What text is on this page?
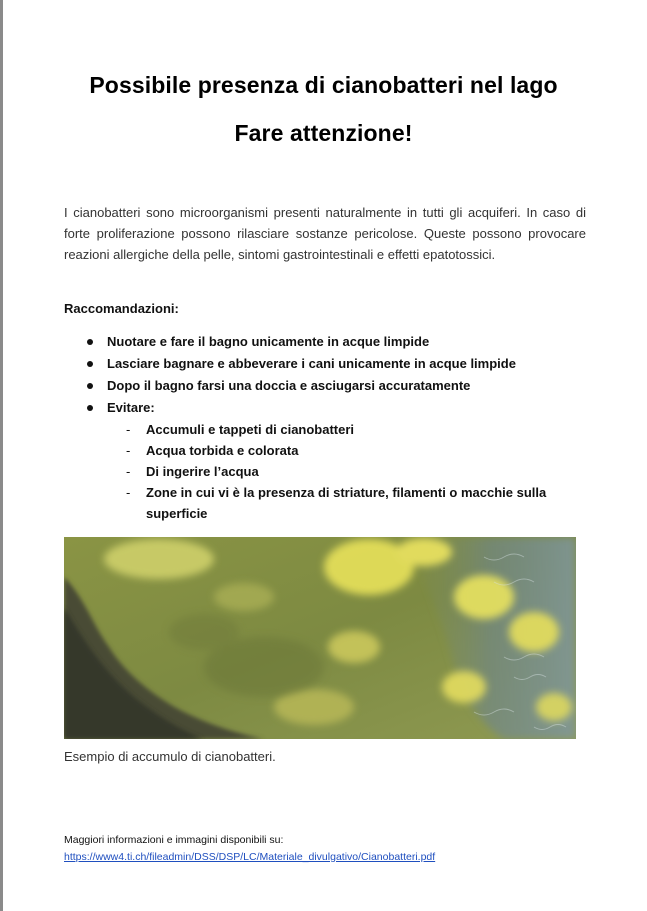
Possibile presenza di cianobatteri nel lago
Fare attenzione!

I cianobatteri sono microorganismi presenti naturalmente in tutti gli acquiferi. In caso di forte proliferazione possono rilasciare sostanze pericolose. Queste possono provocare reazioni allergiche della pelle, sintomi gastrointestinali e effetti epatotossici.

Raccomandazioni:

Nuotare e fare il bagno unicamente in acque limpide
Lasciare bagnare e abbeverare i cani unicamente in acque limpide
Dopo il bagno farsi una doccia e asciugarsi accuratamente
Evitare:
- Accumuli e tappeti di cianobatteri
- Acqua torbida e colorata
- Di ingerire l’acqua
- Zone in cui vi è la presenza di striature, filamenti o macchie sulla superficie

Esempio di accumulo di cianobatteri.

Maggiori informazioni e immagini disponibili su:

https://www4.ti.ch/fileadmin/DSS/DSP/LC/Materiale_divulgativo/Cianobatteri.pdf
